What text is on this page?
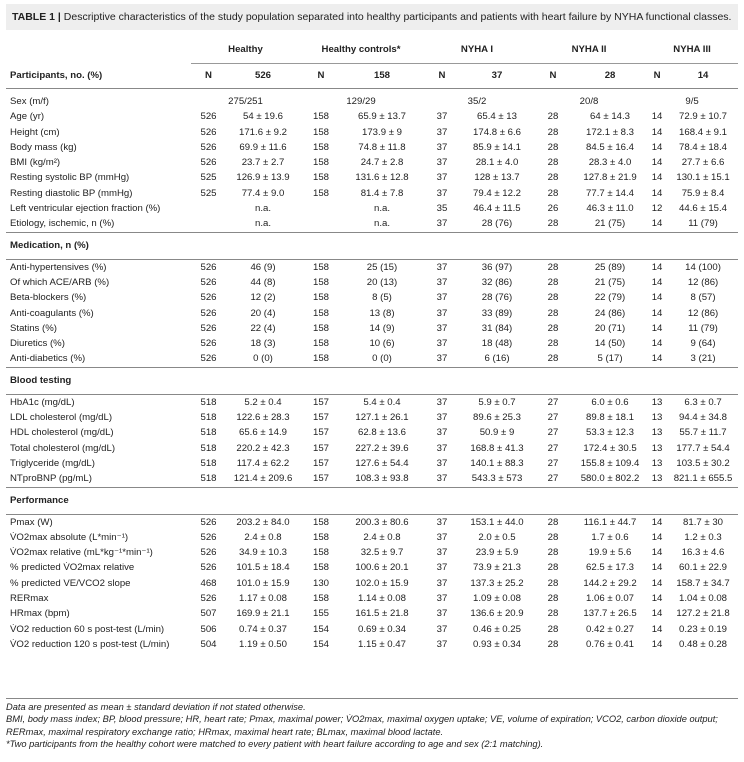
TABLE 1 | Descriptive characteristics of the study population separated into healthy participants and patients with heart failure by NYHA functional classes.
	Healthy		Healthy controls*		NYHA I		NYHA II		NYHA III	
Participants, no. (%)	N	526	N	158	N	37	N	28	N	14

Sex (m/f)	275/251		129/29		35/2		20/8		9/5	
Age (yr)	526	54 ± 19.6	158	65.9 ± 13.7	37	65.4 ± 13	28	64 ± 14.3	14	72.9 ± 10.7
Height (cm)	526	171.6 ± 9.2	158	173.9 ± 9	37	174.8 ± 6.6	28	172.1 ± 8.3	14	168.4 ± 9.1
Body mass (kg)	526	69.9 ± 11.6	158	74.8 ± 11.8	37	85.9 ± 14.1	28	84.5 ± 16.4	14	78.4 ± 18.4
BMI (kg/m²)	526	23.7 ± 2.7	158	24.7 ± 2.8	37	28.1 ± 4.0	28	28.3 ± 4.0	14	27.7 ± 6.6
Resting systolic BP (mmHg)	525	126.9 ± 13.9	158	131.6 ± 12.8	37	128 ± 13.7	28	127.8 ± 21.9	14	130.1 ± 15.1
Resting diastolic BP (mmHg)	525	77.4 ± 9.0	158	81.4 ± 7.8	37	79.4 ± 12.2	28	77.7 ± 14.4	14	75.9 ± 8.4
Left ventricular ejection fraction (%)		n.a.		n.a.	35	46.4 ± 11.5	26	46.3 ± 11.0	12	44.6 ± 15.4
Etiology, ischemic, n (%)		n.a.		n.a.	37	28 (76)	28	21 (75)	14	11 (79)
Medication, n (%)										
Anti-hypertensives (%)	526	46 (9)	158	25 (15)	37	36 (97)	28	25 (89)	14	14 (100)
Of which ACE/ARB (%)	526	44 (8)	158	20 (13)	37	32 (86)	28	21 (75)	14	12 (86)
Beta-blockers (%)	526	12 (2)	158	8 (5)	37	28 (76)	28	22 (79)	14	8 (57)
Anti-coagulants (%)	526	20 (4)	158	13 (8)	37	33 (89)	28	24 (86)	14	12 (86)
Statins (%)	526	22 (4)	158	14 (9)	37	31 (84)	28	20 (71)	14	11 (79)
Diuretics (%)	526	18 (3)	158	10 (6)	37	18 (48)	28	14 (50)	14	9 (64)
Anti-diabetics (%)	526	0 (0)	158	0 (0)	37	6 (16)	28	5 (17)	14	3 (21)
Blood testing										
HbA1c (mg/dL)	518	5.2 ± 0.4	157	5.4 ± 0.4	37	5.9 ± 0.7	27	6.0 ± 0.6	13	6.3 ± 0.7
LDL cholesterol (mg/dL)	518	122.6 ± 28.3	157	127.1 ± 26.1	37	89.6 ± 25.3	27	89.8 ± 18.1	13	94.4 ± 34.8
HDL cholesterol (mg/dL)	518	65.6 ± 14.9	157	62.8 ± 13.6	37	50.9 ± 9	27	53.3 ± 12.3	13	55.7 ± 11.7
Total cholesterol (mg/dL)	518	220.2 ± 42.3	157	227.2 ± 39.6	37	168.8 ± 41.3	27	172.4 ± 30.5	13	177.7 ± 54.4
Triglyceride (mg/dL)	518	117.4 ± 62.2	157	127.6 ± 54.4	37	140.1 ± 88.3	27	155.8 ± 109.4	13	103.5 ± 30.2
NTproBNP (pg/mL)	518	121.4 ± 209.6	157	108.3 ± 93.8	37	543.3 ± 573	27	580.0 ± 802.2	13	821.1 ± 655.5
Performance										
Pmax (W)	526	203.2 ± 84.0	158	200.3 ± 80.6	37	153.1 ± 44.0	28	116.1 ± 44.7	14	81.7 ± 30
V̇O2max absolute (L*min⁻¹)	526	2.4 ± 0.8	158	2.4 ± 0.8	37	2.0 ± 0.5	28	1.7 ± 0.6	14	1.2 ± 0.3
V̇O2max relative (mL*kg⁻¹*min⁻¹)	526	34.9 ± 10.3	158	32.5 ± 9.7	37	23.9 ± 5.9	28	19.9 ± 5.6	14	16.3 ± 4.6
% predicted V̇O2max relative	526	101.5 ± 18.4	158	100.6 ± 20.1	37	73.9 ± 21.3	28	62.5 ± 17.3	14	60.1 ± 22.9
% predicted VE/VCO2 slope	468	101.0 ± 15.9	130	102.0 ± 15.9	37	137.3 ± 25.2	28	144.2 ± 29.2	14	158.7 ± 34.7
RERmax	526	1.17 ± 0.08	158	1.14 ± 0.08	37	1.09 ± 0.08	28	1.06 ± 0.07	14	1.04 ± 0.08
HRmax (bpm)	507	169.9 ± 21.1	155	161.5 ± 21.8	37	136.6 ± 20.9	28	137.7 ± 26.5	14	127.2 ± 21.8
V̇O2 reduction 60 s post-test (L/min)	506	0.74 ± 0.37	154	0.69 ± 0.34	37	0.46 ± 0.25	28	0.42 ± 0.27	14	0.23 ± 0.19
V̇O2 reduction 120 s post-test (L/min)	504	1.19 ± 0.50	154	1.15 ± 0.47	37	0.93 ± 0.34	28	0.76 ± 0.41	14	0.48 ± 0.28
Data are presented as mean ± standard deviation if not stated otherwise.
BMI, body mass index; BP, blood pressure; HR, heart rate; Pmax, maximal power; V̇O2max, maximal oxygen uptake; VE, volume of expiration; VCO2, carbon dioxide output; RERmax, maximal respiratory exchange ratio; HRmax, maximal heart rate; BLmax, maximal blood lactate.
*Two participants from the healthy cohort were matched to every patient with heart failure according to age and sex (2:1 matching).
